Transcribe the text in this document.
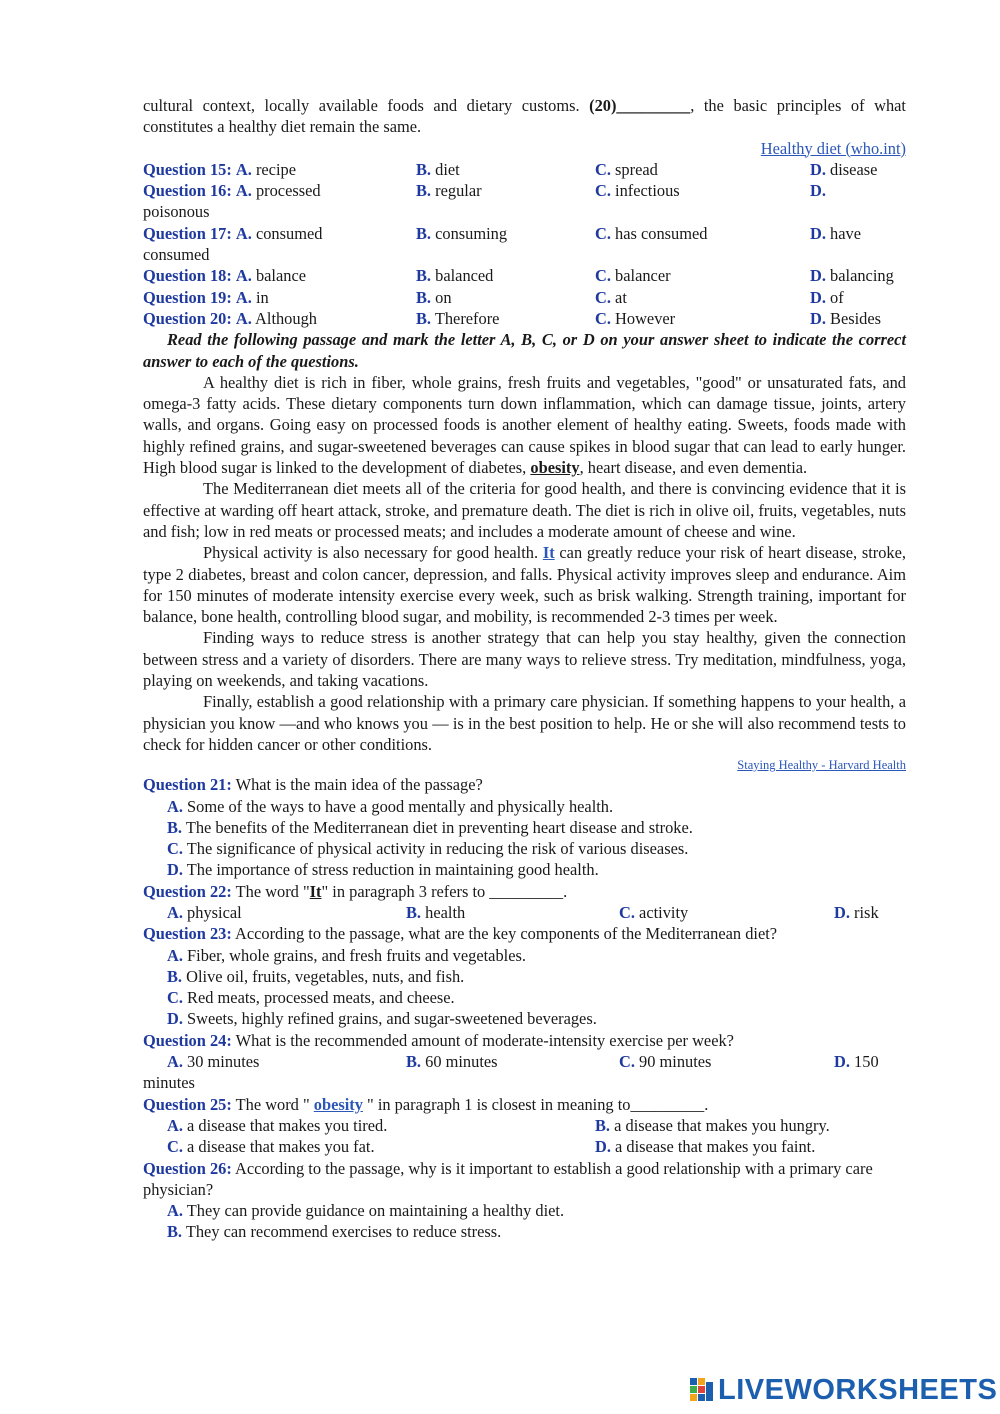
cultural context, locally available foods and dietary customs. (20)_________, the basic principles of what constitutes a healthy diet remain the same.
Healthy diet (who.int)
Question 15: A. recipe	B. diet	C. spread	D. disease
Question 16: A. processed	B. regular	C. infectious	D.
poisonous
Question 17: A. consumed	B. consuming	C. has consumed	D. have
consumed
Question 18: A. balance	B. balanced	C. balancer	D. balancing
Question 19: A. in	B. on	C. at	D. of
Question 20: A. Although	B. Therefore	C. However	D. Besides
Read the following passage and mark the letter A, B, C, or D on your answer sheet to indicate the correct answer to each of the questions.
A healthy diet is rich in fiber, whole grains, fresh fruits and vegetables, "good" or unsaturated fats, and omega-3 fatty acids. These dietary components turn down inflammation, which can damage tissue, joints, artery walls, and organs. Going easy on processed foods is another element of healthy eating. Sweets, foods made with highly refined grains, and sugar-sweetened beverages can cause spikes in blood sugar that can lead to early hunger. High blood sugar is linked to the development of diabetes, obesity, heart disease, and even dementia.
The Mediterranean diet meets all of the criteria for good health, and there is convincing evidence that it is effective at warding off heart attack, stroke, and premature death. The diet is rich in olive oil, fruits, vegetables, nuts and fish; low in red meats or processed meats; and includes a moderate amount of cheese and wine.
Physical activity is also necessary for good health. It can greatly reduce your risk of heart disease, stroke, type 2 diabetes, breast and colon cancer, depression, and falls. Physical activity improves sleep and endurance. Aim for 150 minutes of moderate intensity exercise every week, such as brisk walking. Strength training, important for balance, bone health, controlling blood sugar, and mobility, is recommended 2-3 times per week.
Finding ways to reduce stress is another strategy that can help you stay healthy, given the connection between stress and a variety of disorders. There are many ways to relieve stress. Try meditation, mindfulness, yoga, playing on weekends, and taking vacations.
Finally, establish a good relationship with a primary care physician. If something happens to your health, a physician you know —and who knows you — is in the best position to help. He or she will also recommend tests to check for hidden cancer or other conditions.
Staying Healthy - Harvard Health
Question 21: What is the main idea of the passage?
A. Some of the ways to have a good mentally and physically health.
B. The benefits of the Mediterranean diet in preventing heart disease and stroke.
C. The significance of physical activity in reducing the risk of various diseases.
D. The importance of stress reduction in maintaining good health.
Question 22: The word "It" in paragraph 3 refers to _________.
A. physical	B. health	C. activity	D. risk
Question 23: According to the passage, what are the key components of the Mediterranean diet?
A. Fiber, whole grains, and fresh fruits and vegetables.
B. Olive oil, fruits, vegetables, nuts, and fish.
C. Red meats, processed meats, and cheese.
D. Sweets, highly refined grains, and sugar-sweetened beverages.
Question 24: What is the recommended amount of moderate-intensity exercise per week?
A. 30 minutes	B. 60 minutes	C. 90 minutes	D. 150
minutes
Question 25: The word " obesity " in paragraph 1 is closest in meaning to_________.
A. a disease that makes you tired.	B. a disease that makes you hungry.
C. a disease that makes you fat.	D. a disease that makes you faint.
Question 26: According to the passage, why is it important to establish a good relationship with a primary care physician?
A. They can provide guidance on maintaining a healthy diet.
B. They can recommend exercises to reduce stress.
LIVEWORKSHEETS
